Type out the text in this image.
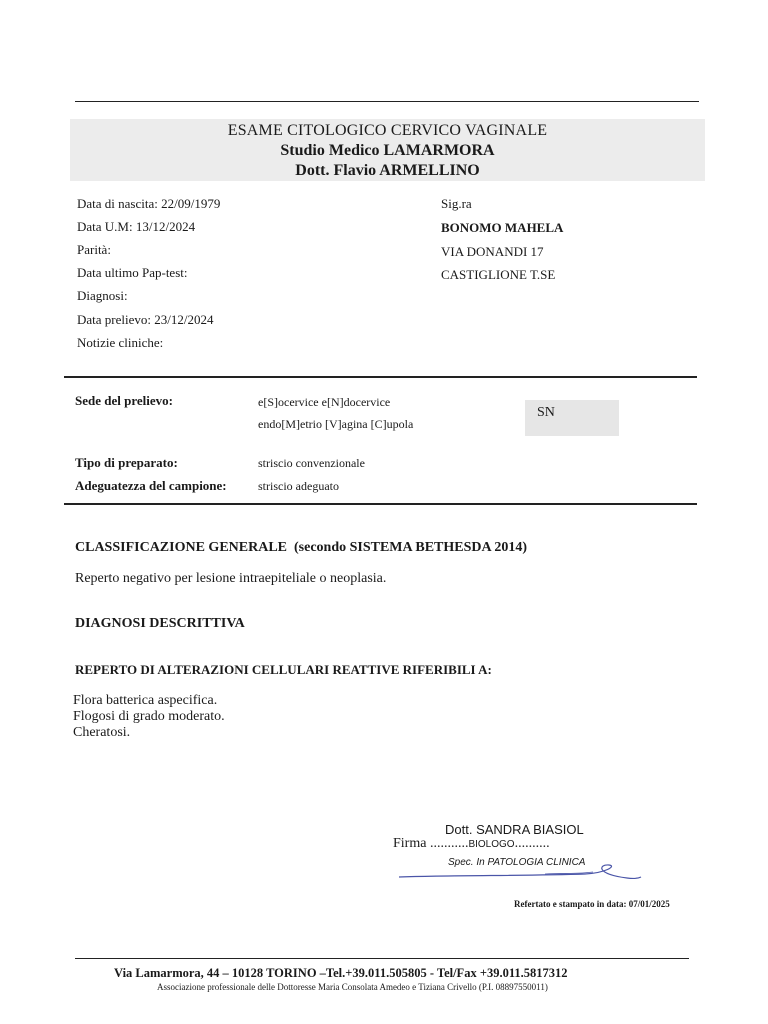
ESAME CITOLOGICO CERVICO VAGINALE
Studio Medico LAMARMORA
Dott. Flavio ARMELLINO
Data di nascita: 22/09/1979
Data U.M: 13/12/2024
Parità:
Data ultimo Pap-test:
Diagnosi:
Data prelievo: 23/12/2024
Notizie cliniche:
Sig.ra
BONOMO MAHELA
VIA DONANDI 17
CASTIGLIONE T.SE
Sede del prelievo:	e[S]ocervice e[N]docervice
endo[M]etrio [V]agina [C]upola
SN
Tipo di preparato:	striscio convenzionale
Adeguatezza del campione:	striscio adeguato
CLASSIFICAZIONE GENERALE (secondo SISTEMA BETHESDA 2014)
Reperto negativo per lesione intraepiteliale o neoplasia.
DIAGNOSI DESCRITTIVA
REPERTO DI ALTERAZIONI CELLULARI REATTIVE RIFERIBILI A:
Flora batterica aspecifica.
Flogosi di grado moderato.
Cheratosi.
Dott. SANDRA BIASIOL
Firma ...........BIOLOGO..........
Spec. In PATOLOGIA CLINICA
Refertato e stampato in data: 07/01/2025
Via Lamarmora, 44 – 10128 TORINO –Tel.+39.011.505805 - Tel/Fax +39.011.5817312
Associazione professionale delle Dottoresse Maria Consolata Amedeo e Tiziana Crivello (P.I. 08897550011)
